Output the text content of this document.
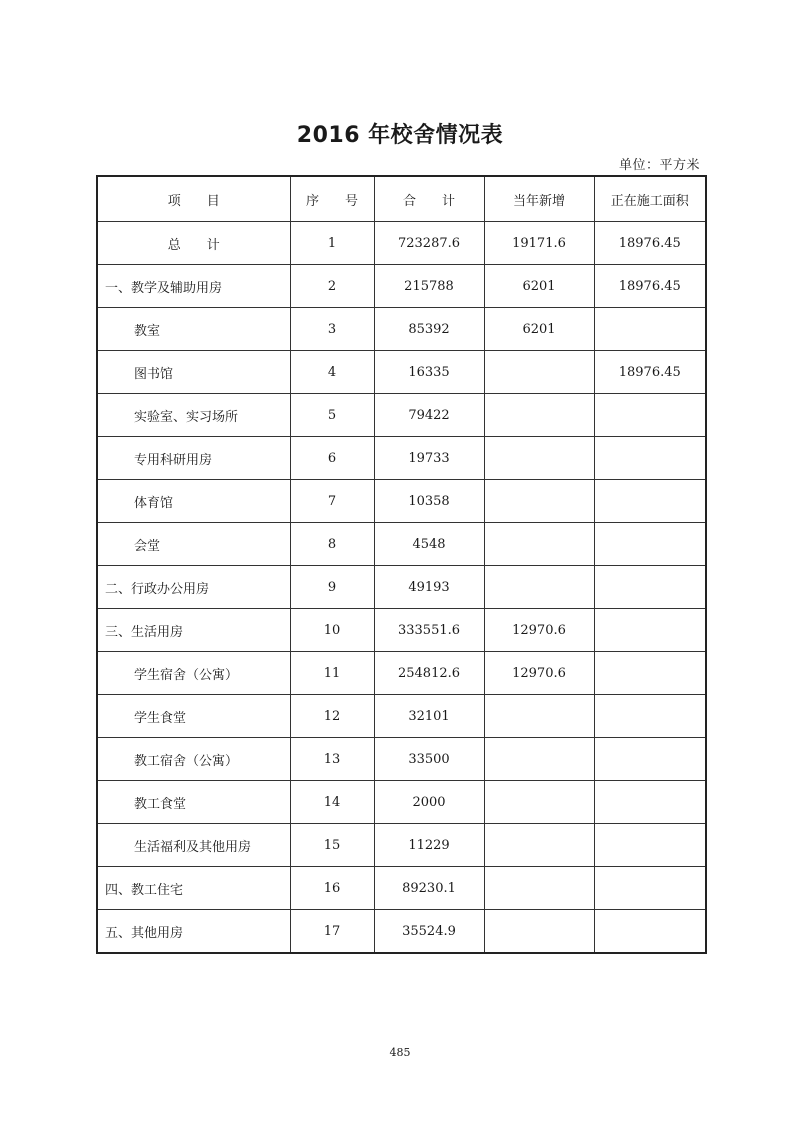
2016 年校舍情况表
单位：平方米
项　　目	序　　号	合　　计	当年新增	正在施工面积
总　　计	1	723287.6	19171.6	18976.45
一、教学及辅助用房	2	215788	6201	18976.45
教室	3	85392	6201	
图书馆	4	16335		18976.45
实验室、实习场所	5	79422		
专用科研用房	6	19733		
体育馆	7	10358		
会堂	8	4548		
二、行政办公用房	9	49193		
三、生活用房	10	333551.6	12970.6	
学生宿舍（公寓）	11	254812.6	12970.6	
学生食堂	12	32101		
教工宿舍（公寓）	13	33500		
教工食堂	14	2000		
生活福利及其他用房	15	11229		
四、教工住宅	16	89230.1		
五、其他用房	17	35524.9		
485
